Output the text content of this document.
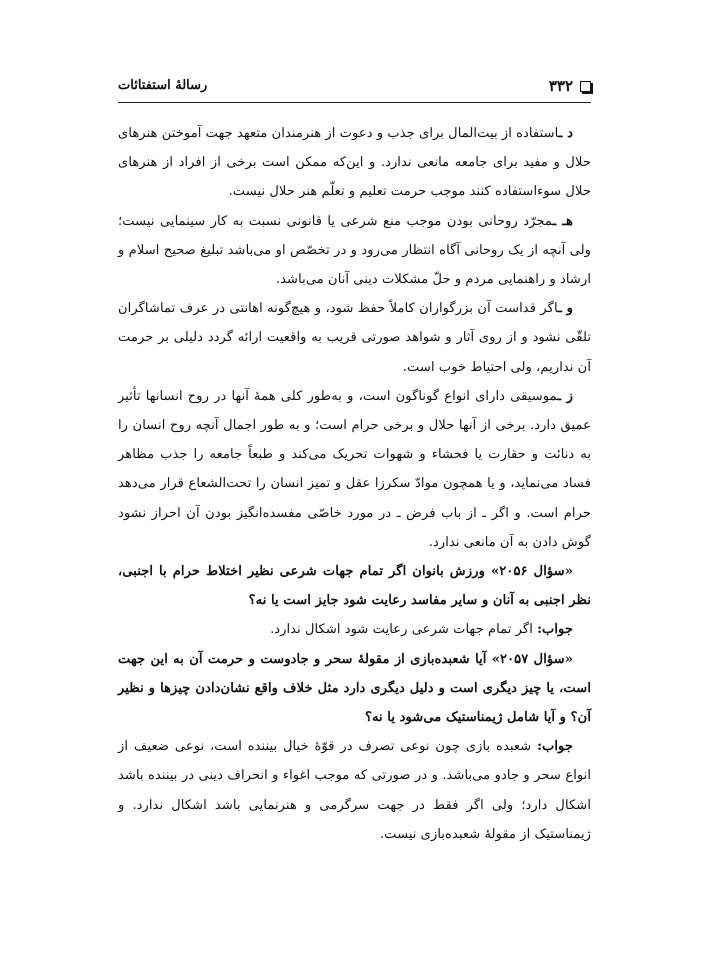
۳۳۲
رسالهٔ استفتائات

د ـاستفاده از بیت‌المال برای جذب و دعوت از هنرمندان متعهد جهت آموختن هنرهای حلال و مفید برای جامعه مانعی ندارد. و این‌که ممکن است برخی از افراد از هنرهای حلال سوءاستفاده کنند موجب حرمت تعلیم و تعلّم هنر حلال نیست.

هـ ـمجرّد روحانی بودن موجب منع شرعی یا قانونی نسبت به کار سینمایی نیست؛ ولی آنچه از یک روحانی آگاه انتظار می‌رود و در تخصّص او می‌باشد تبلیغ صحیح اسلام و ارشاد و راهنمایی مردم و حلّ مشکلات دینی آنان می‌باشد.

و ـاگر قداست آن بزرگواران کاملاً حفظ شود، و هیچ‌گونه اهانتی در عرف تماشاگران تلقّی نشود و از روی آثار و شواهد صورتی قریب به واقعیت ارائه گردد دلیلی بر حرمت آن نداریم، ولی احتیاط خوب است.

ز ـموسیقی دارای انواع گوناگون است، و به‌طور کلی همهٔ آنها در روح انسانها تأثیر عمیق دارد. برخی از آنها حلال و برخی حرام است؛ و به طور اجمال آنچه روح انسان را به دنائت و حقارت یا فحشاء و شهوات تحریک می‌کند و طبعاً جامعه را جذب مظاهر فساد می‌نماید، و یا همچون موادّ سکرزا عقل و تمیز انسان را تحت‌الشعاع قرار می‌دهد حرام است. و اگر ـ از باب فرض ـ در مورد خاصّی مفسده‌انگیز بودن آن احراز نشود گوش دادن به آن مانعی ندارد.

«سؤال ۲۰۵۶» ورزش بانوان اگر تمام جهات شرعی نظیر اختلاط حرام با اجنبی، نظر اجنبی به آنان و سایر مفاسد رعایت شود جایز است یا نه؟

جواب: اگر تمام جهات شرعی رعایت شود اشکال ندارد.

«سؤال ۲۰۵۷» آیا شعبده‌بازی از مقولهٔ سحر و جادوست و حرمت آن به این جهت است، یا چیز دیگری است و دلیل دیگری دارد مثل خلاف واقع نشان‌دادن چیزها و نظیر آن؟ و آیا شامل ژیمناستیک می‌شود یا نه؟

جواب: شعبده بازی چون نوعی تصرف در قوّهٔ خیال بیننده است، نوعی ضعیف از انواع سحر و جادو می‌باشد. و در صورتی که موجب اغواء و انحراف دینی در بیننده باشد اشکال دارد؛ ولی اگر فقط در جهت سرگرمی و هنرنمایی باشد اشکال ندارد. و ژیمناستیک از مقولهٔ شعبده‌بازی نیست.
